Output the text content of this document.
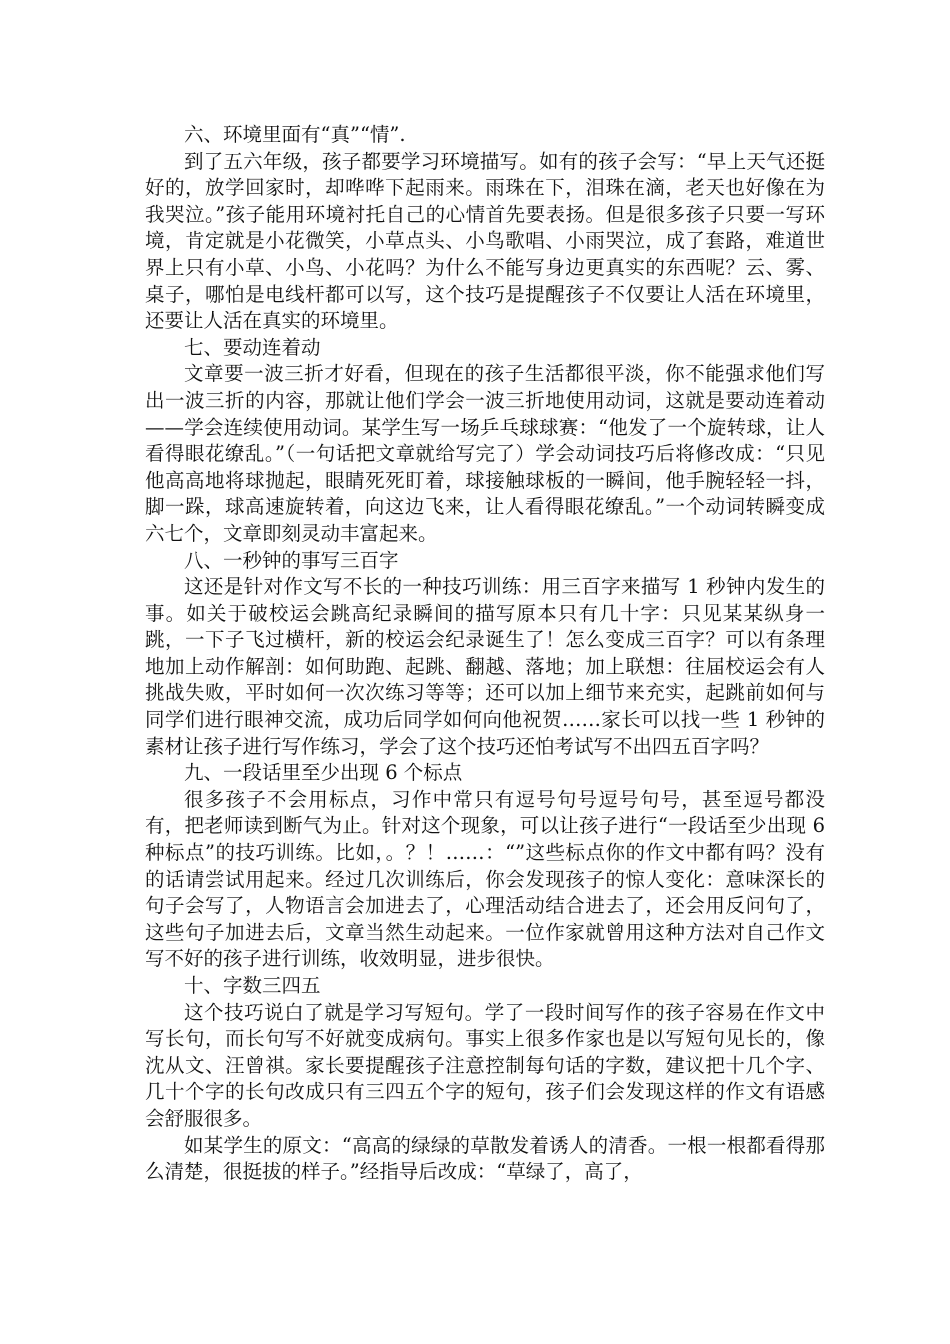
六、环境里面有“真”“情”.

到了五六年级，孩子都要学习环境描写。如有的孩子会写：“早上天气还挺好的，放学回家时，却哗哗下起雨来。雨珠在下，泪珠在滴，老天也好像在为我哭泣。”孩子能用环境衬托自己的心情首先要表扬。但是很多孩子只要一写环境，肯定就是小花微笑，小草点头、小鸟歌唱、小雨哭泣，成了套路，难道世界上只有小草、小鸟、小花吗？为什么不能写身边更真实的东西呢？云、雾、桌子，哪怕是电线杆都可以写，这个技巧是提醒孩子不仅要让人活在环境里，还要让人活在真实的环境里。

七、要动连着动

文章要一波三折才好看，但现在的孩子生活都很平淡，你不能强求他们写出一波三折的内容，那就让他们学会一波三折地使用动词，这就是要动连着动——学会连续使用动词。某学生写一场乒乓球球赛：“他发了一个旋转球，让人看得眼花缭乱。”（一句话把文章就给写完了）学会动词技巧后将修改成：“只见他高高地将球抛起，眼睛死死盯着，球接触球板的一瞬间，他手腕轻轻一抖，脚一跺，球高速旋转着，向这边飞来，让人看得眼花缭乱。”一个动词转瞬变成六七个，文章即刻灵动丰富起来。

八、一秒钟的事写三百字

这还是针对作文写不长的一种技巧训练：用三百字来描写 1 秒钟内发生的事。如关于破校运会跳高纪录瞬间的描写原本只有几十字：只见某某纵身一跳，一下子飞过横杆，新的校运会纪录诞生了！怎么变成三百字？可以有条理地加上动作解剖：如何助跑、起跳、翻越、落地；加上联想：往届校运会有人挑战失败，平时如何一次次练习等等；还可以加上细节来充实，起跳前如何与同学们进行眼神交流，成功后同学如何向他祝贺……家长可以找一些 1 秒钟的素材让孩子进行写作练习，学会了这个技巧还怕考试写不出四五百字吗？

九、一段话里至少出现 6 个标点

很多孩子不会用标点，习作中常只有逗号句号逗号句号，甚至逗号都没有，把老师读到断气为止。针对这个现象，可以让孩子进行“一段话至少出现 6 种标点”的技巧训练。比如，。？！……：“”这些标点你的作文中都有吗？没有的话请尝试用起来。经过几次训练后，你会发现孩子的惊人变化：意味深长的句子会写了，人物语言会加进去了，心理活动结合进去了，还会用反问句了，这些句子加进去后，文章当然生动起来。一位作家就曾用这种方法对自己作文写不好的孩子进行训练，收效明显，进步很快。

十、字数三四五

这个技巧说白了就是学习写短句。学了一段时间写作的孩子容易在作文中写长句，而长句写不好就变成病句。事实上很多作家也是以写短句见长的，像沈从文、汪曾祺。家长要提醒孩子注意控制每句话的字数，建议把十几个字、几十个字的长句改成只有三四五个字的短句，孩子们会发现这样的作文有语感会舒服很多。

如某学生的原文：“高高的绿绿的草散发着诱人的清香。一根一根都看得那么清楚，很挺拔的样子。”经指导后改成：“草绿了，高了，
